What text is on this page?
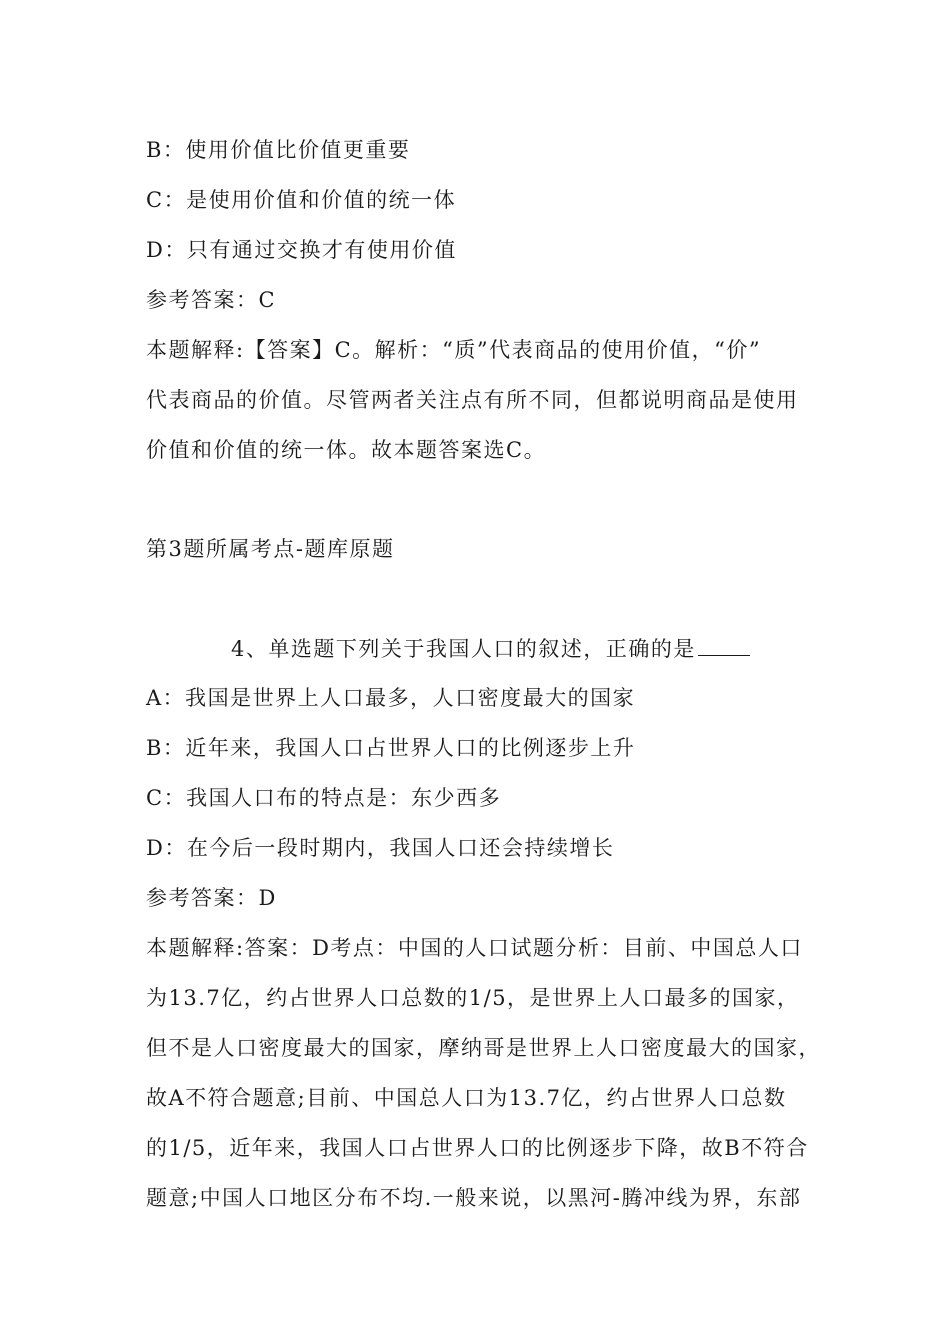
B：使用价值比价值更重要
C：是使用价值和价值的统一体
D：只有通过交换才有使用价值
参考答案：C
本题解释:【答案】C。解析：“质”代表商品的使用价值，“价”
代表商品的价值。尽管两者关注点有所不同，但都说明商品是使用
价值和价值的统一体。故本题答案选C。
第3题所属考点-题库原题
4、单选题下列关于我国人口的叙述，正确的是
A：我国是世界上人口最多，人口密度最大的国家
B：近年来，我国人口占世界人口的比例逐步上升
C：我国人口布的特点是：东少西多
D：在今后一段时期内，我国人口还会持续增长
参考答案：D
本题解释:答案：D考点：中国的人口试题分析：目前、中国总人口
为13.7亿，约占世界人口总数的1/5，是世界上人口最多的国家，
但不是人口密度最大的国家，摩纳哥是世界上人口密度最大的国家，
故A不符合题意;目前、中国总人口为13.7亿，约占世界人口总数
的1/5，近年来，我国人口占世界人口的比例逐步下降，故B不符合
题意;中国人口地区分布不均.一般来说，以黑河-腾冲线为界，东部
